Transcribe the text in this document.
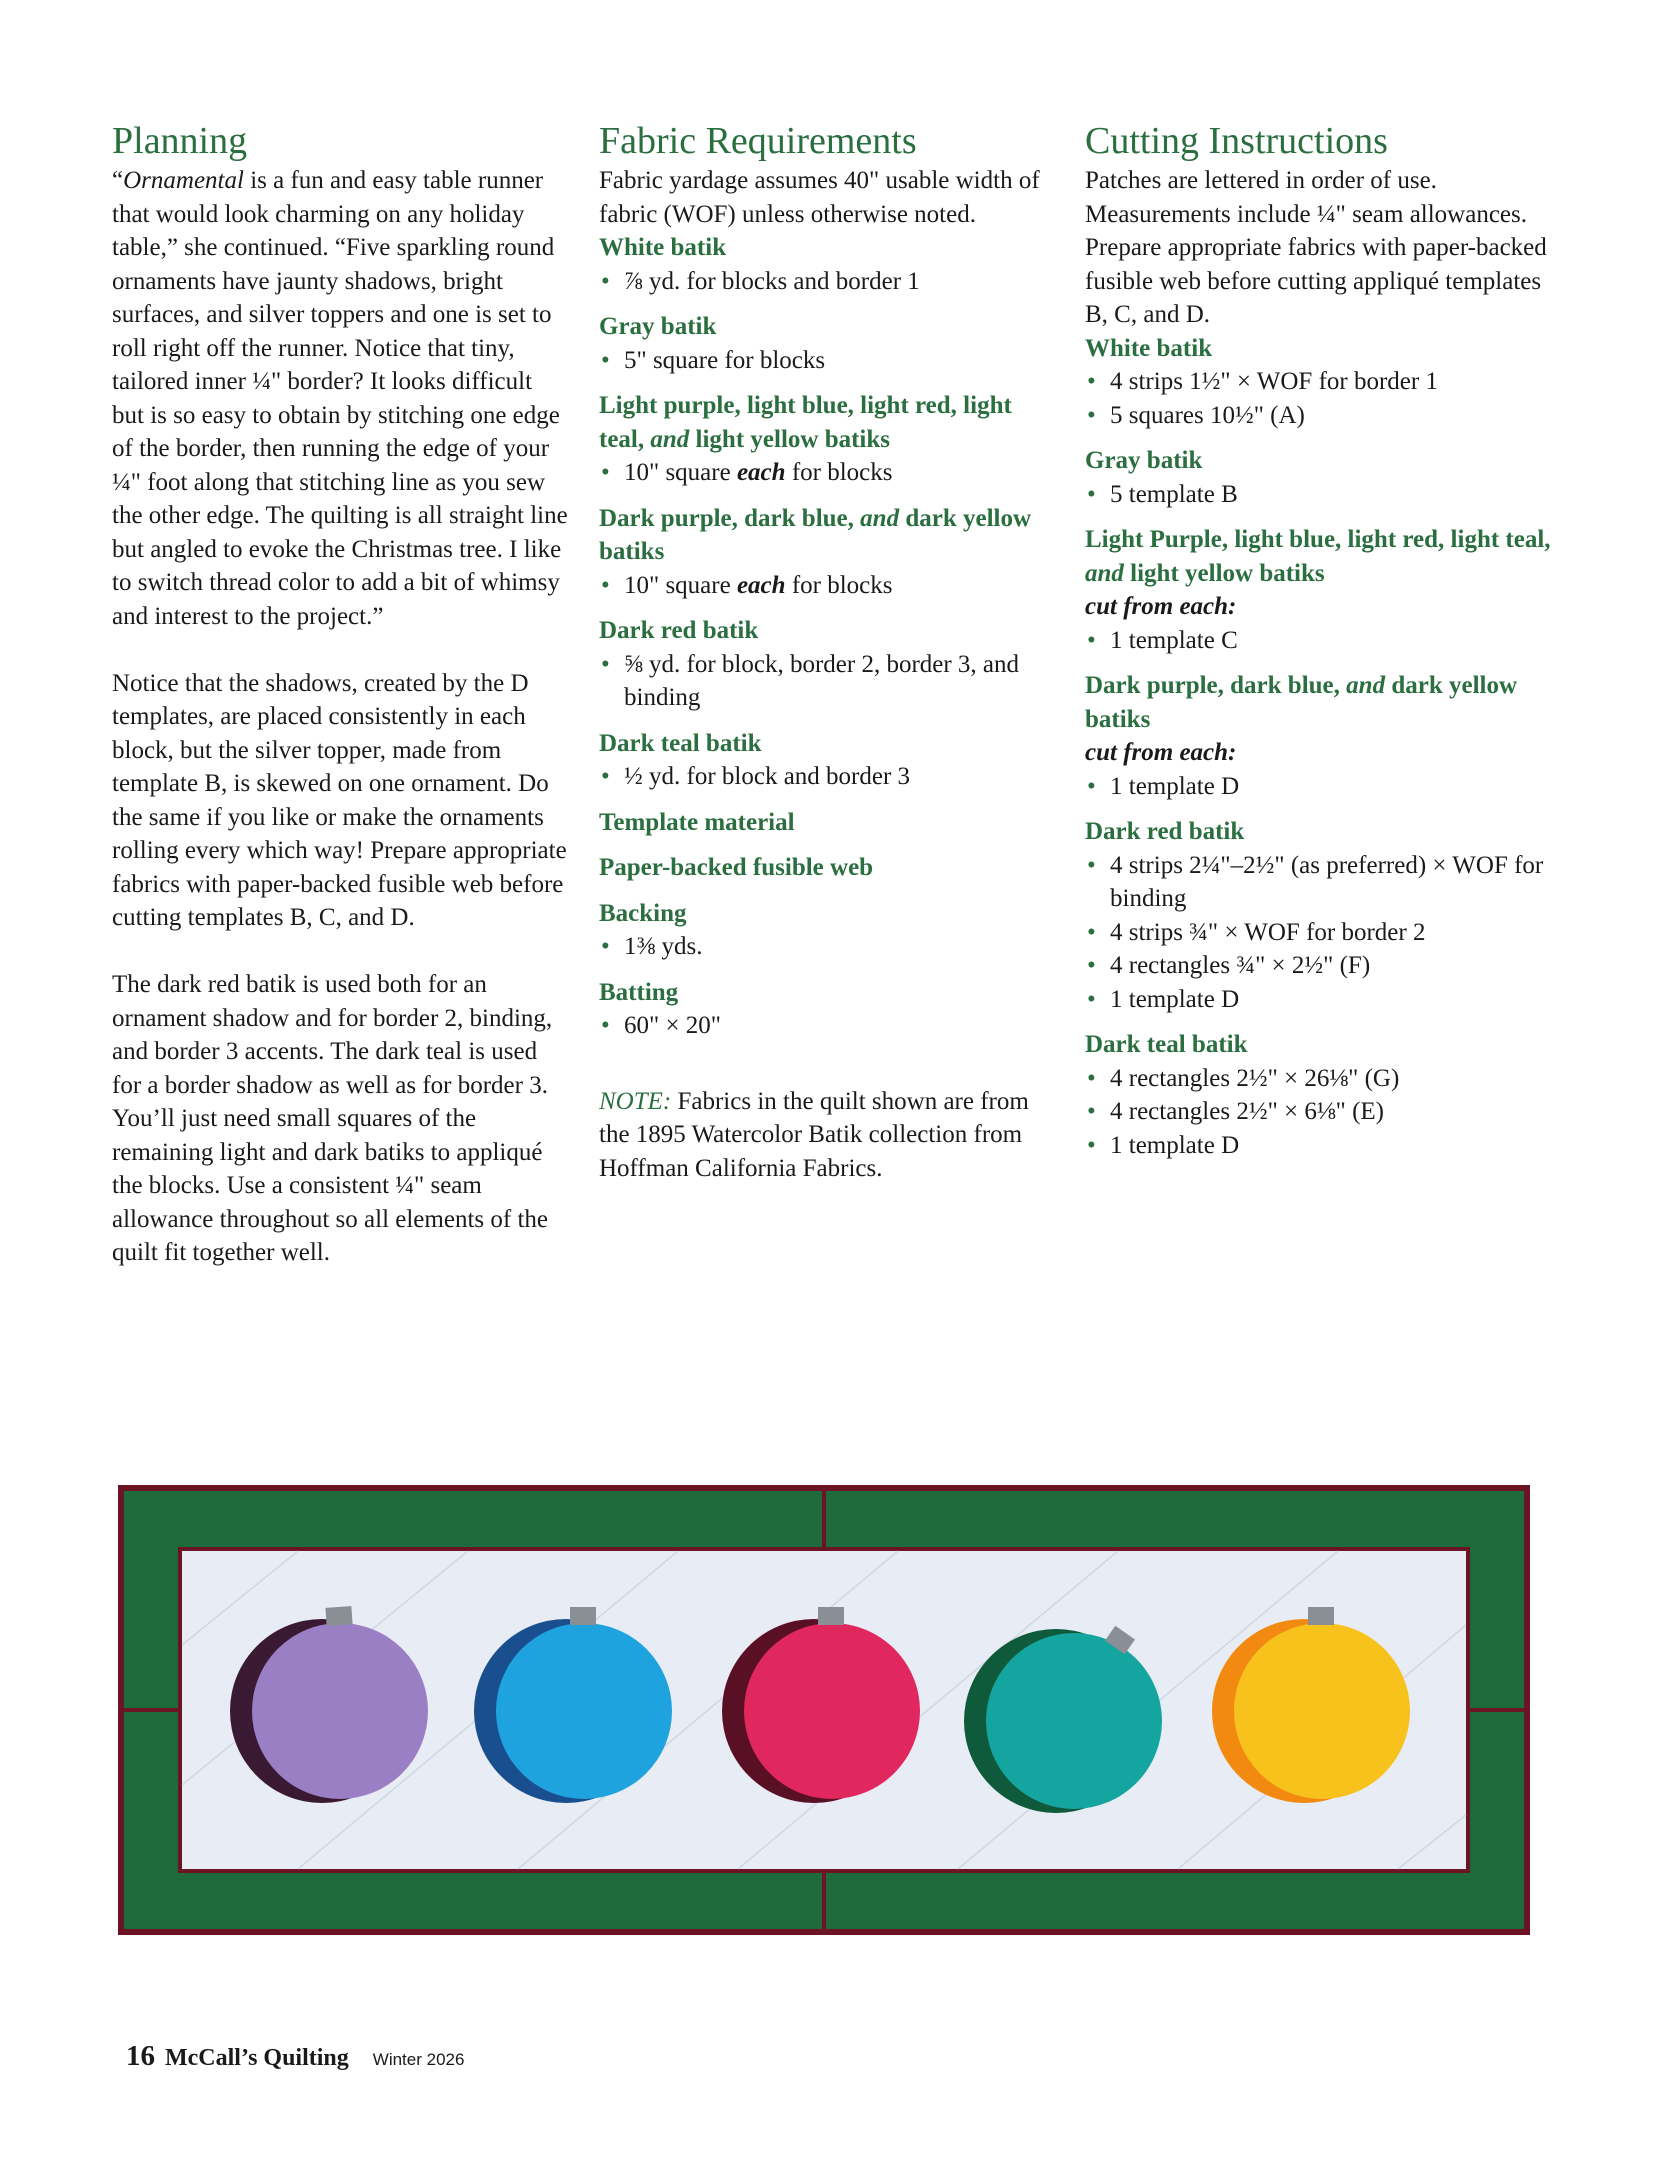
Planning

“Ornamental is a fun and easy table runner that would look charming on any holiday table,” she continued. “Five sparkling round ornaments have jaunty shadows, bright surfaces, and silver toppers and one is set to roll right off the runner. Notice that tiny, tailored inner ¼" border? It looks difficult but is so easy to obtain by stitching one edge of the border, then running the edge of your ¼" foot along that stitching line as you sew the other edge. The quilting is all straight line but angled to evoke the Christmas tree. I like to switch thread color to add a bit of whimsy and interest to the project.”

Notice that the shadows, created by the D templates, are placed consistently in each block, but the silver topper, made from template B, is skewed on one ornament. Do the same if you like or make the ornaments rolling every which way! Prepare appropriate fabrics with paper-backed fusible web before cutting templates B, C, and D.

The dark red batik is used both for an ornament shadow and for border 2, binding, and border 3 accents. The dark teal is used for a border shadow as well as for border 3. You’ll just need small squares of the remaining light and dark batiks to appliqué the blocks. Use a consistent ¼" seam allowance throughout so all elements of the quilt fit together well.

Fabric Requirements

Fabric yardage assumes 40" usable width of fabric (WOF) unless otherwise noted.

White batik
• ⅞ yd. for blocks and border 1
Gray batik
• 5" square for blocks
Light purple, light blue, light red, light teal, and light yellow batiks
• 10" square each for blocks
Dark purple, dark blue, and dark yellow batiks
• 10" square each for blocks
Dark red batik
• ⅝ yd. for block, border 2, border 3, and binding
Dark teal batik
• ½ yd. for block and border 3
Template material
Paper-backed fusible web
Backing
• 1⅜ yds.
Batting
• 60" × 20"

NOTE: Fabrics in the quilt shown are from the 1895 Watercolor Batik collection from Hoffman California Fabrics.

Cutting Instructions

Patches are lettered in order of use. Measurements include ¼" seam allowances. Prepare appropriate fabrics with paper-backed fusible web before cutting appliqué templates B, C, and D.

White batik
• 4 strips 1½" × WOF for border 1
• 5 squares 10½" (A)
Gray batik
• 5 template B
Light Purple, light blue, light red, light teal, and light yellow batiks
cut from each:
• 1 template C
Dark purple, dark blue, and dark yellow batiks
cut from each:
• 1 template D
Dark red batik
• 4 strips 2¼"–2½" (as preferred) × WOF for binding
• 4 strips ¾" × WOF for border 2
• 4 rectangles ¾" × 2½" (F)
• 1 template D
Dark teal batik
• 4 rectangles 2½" × 26⅛" (G)
• 4 rectangles 2½" × 6⅛" (E)
• 1 template D
16 McCall’s Quilting Winter 2026
